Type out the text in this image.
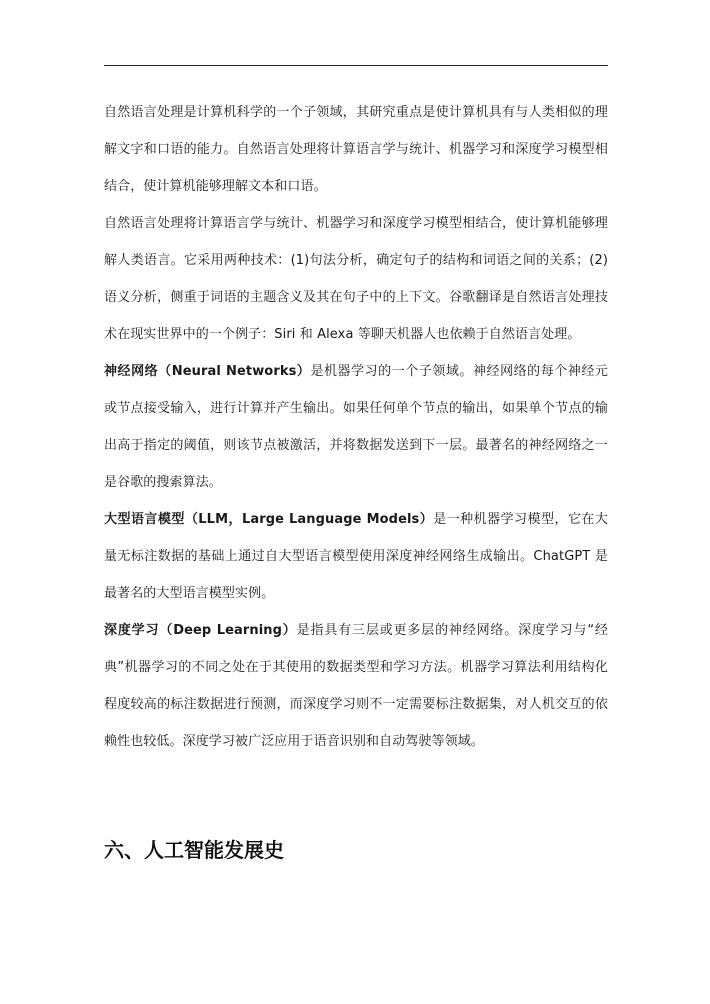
自然语言处理是计算机科学的一个子领域，其研究重点是使计算机具有与人类相似的理解文字和口语的能力。自然语言处理将计算语言学与统计、机器学习和深度学习模型相结合，使计算机能够理解文本和口语。

自然语言处理将计算语言学与统计、机器学习和深度学习模型相结合，使计算机能够理解人类语言。它采用两种技术：(1)句法分析，确定句子的结构和词语之间的关系；(2)语义分析，侧重于词语的主题含义及其在句子中的上下文。谷歌翻译是自然语言处理技术在现实世界中的一个例子：Siri 和 Alexa 等聊天机器人也依赖于自然语言处理。

神经网络（Neural Networks）是机器学习的一个子领域。神经网络的每个神经元或节点接受输入，进行计算并产生输出。如果任何单个节点的输出，如果单个节点的输出高于指定的阈值，则该节点被激活，并将数据发送到下一层。最著名的神经网络之一是谷歌的搜索算法。

大型语言模型（LLM，Large Language Models）是一种机器学习模型，它在大量无标注数据的基础上通过自大型语言模型使用深度神经网络生成输出。ChatGPT 是最著名的大型语言模型实例。

深度学习（Deep Learning）是指具有三层或更多层的神经网络。深度学习与“经典”机器学习的不同之处在于其使用的数据类型和学习方法。机器学习算法利用结构化程度较高的标注数据进行预测，而深度学习则不一定需要标注数据集，对人机交互的依赖性也较低。深度学习被广泛应用于语音识别和自动驾驶等领域。

六、人工智能发展史
